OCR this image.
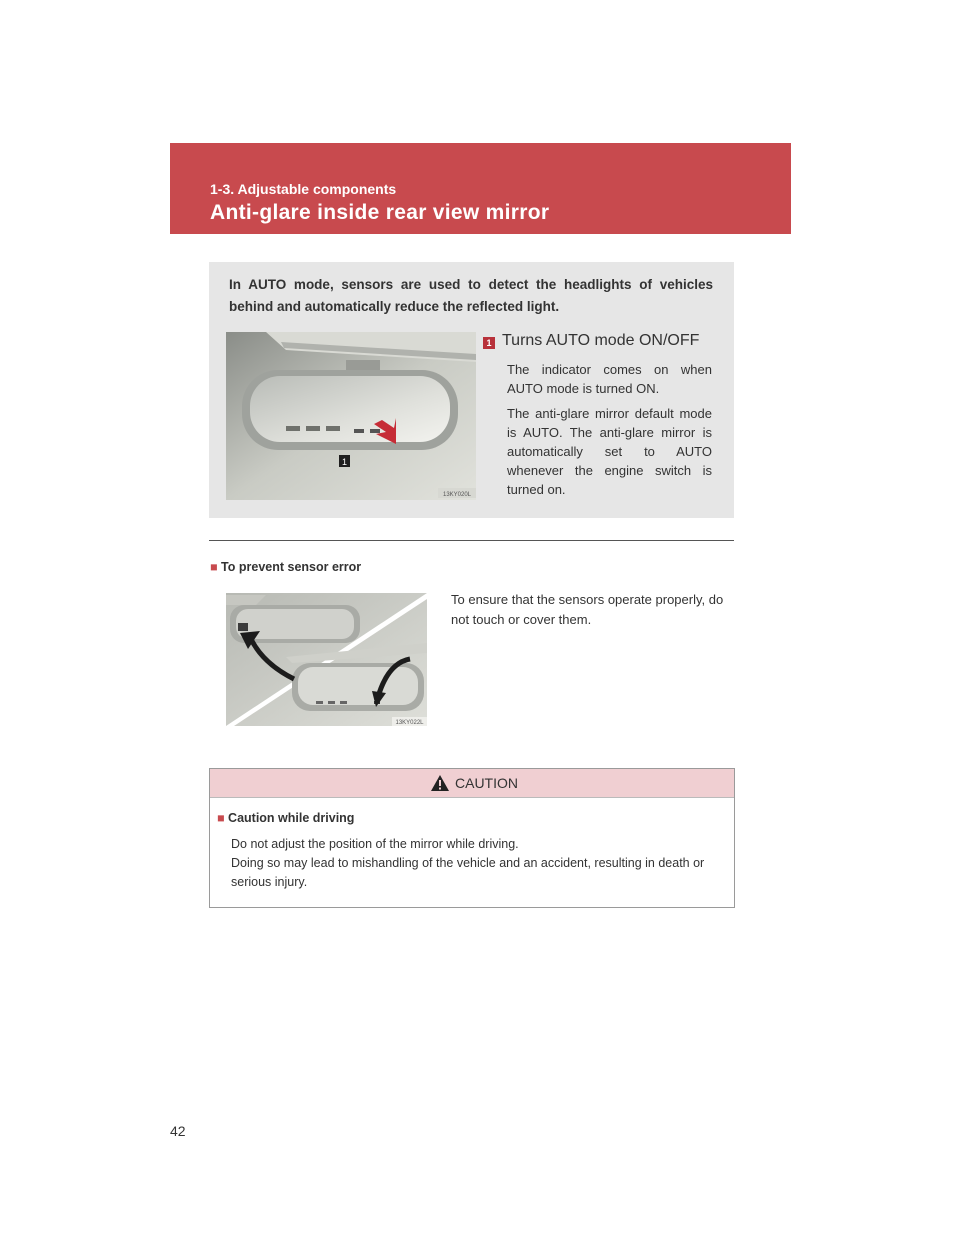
1-3. Adjustable components
Anti-glare inside rear view mirror
In AUTO mode, sensors are used to detect the headlights of vehicles behind and automatically reduce the reflected light.
1
13KY020L
1 Turns AUTO mode ON/OFF
The indicator comes on when AUTO mode is turned ON.
The anti-glare mirror default mode is AUTO. The anti-glare mirror is automatically set to AUTO whenever the engine switch is turned on.
■ To prevent sensor error
13KY022L
To ensure that the sensors operate properly, do not touch or cover them.
CAUTION
■ Caution while driving
Do not adjust the position of the mirror while driving.
Doing so may lead to mishandling of the vehicle and an accident, resulting in death or serious injury.
42
